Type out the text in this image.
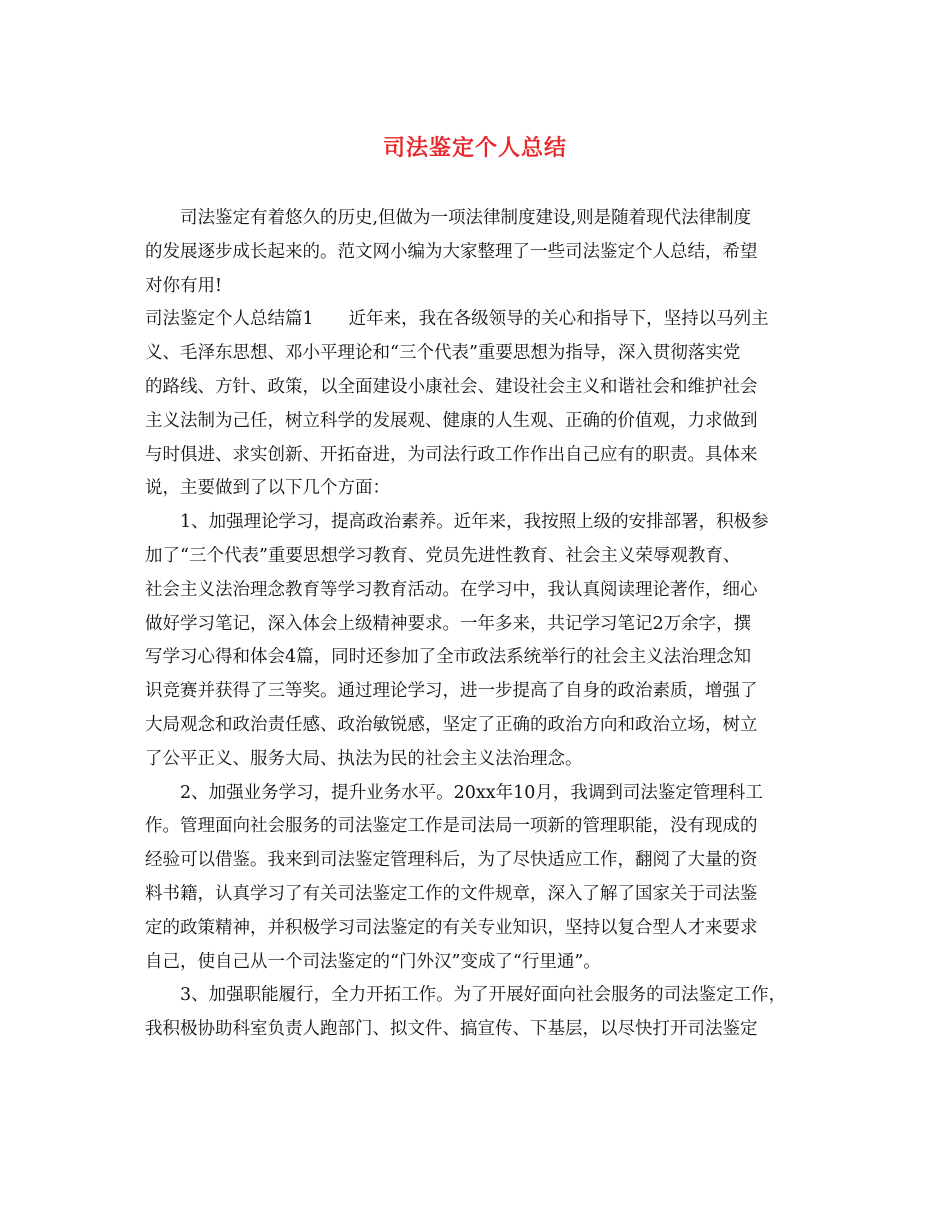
司法鉴定个人总结
司法鉴定有着悠久的历史,但做为一项法律制度建设,则是随着现代法律制度
的发展逐步成长起来的。范文网小编为大家整理了一些司法鉴定个人总结，希望
对你有用!
司法鉴定个人总结篇1　　近年来，我在各级领导的关心和指导下，坚持以马列主
义、毛泽东思想、邓小平理论和“三个代表”重要思想为指导，深入贯彻落实党
的路线、方针、政策，以全面建设小康社会、建设社会主义和谐社会和维护社会
主义法制为己任，树立科学的发展观、健康的人生观、正确的价值观，力求做到
与时俱进、求实创新、开拓奋进，为司法行政工作作出自己应有的职责。具体来
说，主要做到了以下几个方面：
1、加强理论学习，提高政治素养。近年来，我按照上级的安排部署，积极参
加了“三个代表”重要思想学习教育、党员先进性教育、社会主义荣辱观教育、
社会主义法治理念教育等学习教育活动。在学习中，我认真阅读理论著作，细心
做好学习笔记，深入体会上级精神要求。一年多来，共记学习笔记2万余字，撰
写学习心得和体会4篇，同时还参加了全市政法系统举行的社会主义法治理念知
识竞赛并获得了三等奖。通过理论学习，进一步提高了自身的政治素质，增强了
大局观念和政治责任感、政治敏锐感，坚定了正确的政治方向和政治立场，树立
了公平正义、服务大局、执法为民的社会主义法治理念。
2、加强业务学习，提升业务水平。20xx年10月，我调到司法鉴定管理科工
作。管理面向社会服务的司法鉴定工作是司法局一项新的管理职能，没有现成的
经验可以借鉴。我来到司法鉴定管理科后，为了尽快适应工作，翻阅了大量的资
料书籍，认真学习了有关司法鉴定工作的文件规章，深入了解了国家关于司法鉴
定的政策精神，并积极学习司法鉴定的有关专业知识，坚持以复合型人才来要求
自己，使自己从一个司法鉴定的“门外汉”变成了“行里通”。
3、加强职能履行，全力开拓工作。为了开展好面向社会服务的司法鉴定工作，
我积极协助科室负责人跑部门、拟文件、搞宣传、下基层，以尽快打开司法鉴定
